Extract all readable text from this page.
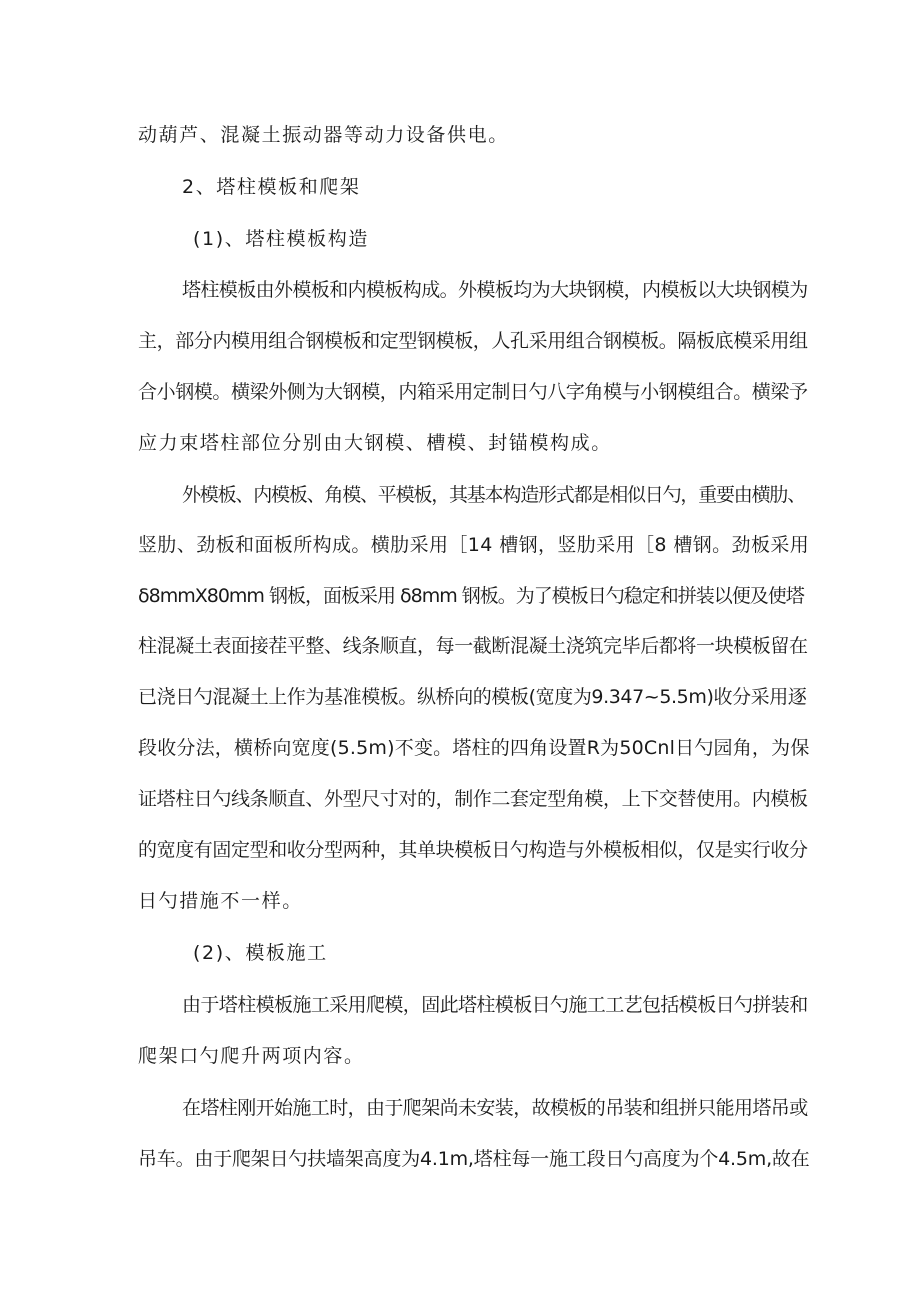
动葫芦、混凝土振动器等动力设备供电。
2、塔柱模板和爬架
(1)、塔柱模板构造
塔柱模板由外模板和内模板构成。外模板均为大块钢模，内模板以大块钢模为
主，部分内模用组合钢模板和定型钢模板，人孔采用组合钢模板。隔板底模采用组
合小钢模。横梁外侧为大钢模，内箱采用定制日勺八字角模与小钢模组合。横梁予
应力束塔柱部位分别由大钢模、槽模、封锚模构成。
外模板、内模板、角模、平模板，其基本构造形式都是相似日勺，重要由横肋、
竖肋、劲板和面板所构成。横肋采用［14 槽钢，竖肋采用［8 槽钢。劲板采用
δ8mmX80mm 钢板，面板采用 δ8mm 钢板。为了模板日勺稳定和拼装以便及使塔
柱混凝土表面接茬平整、线条顺直，每一截断混凝土浇筑完毕后都将一块模板留在
已浇日勺混凝土上作为基准模板。纵桥向的模板(宽度为9.347~5.5m)收分采用逐
段收分法，横桥向宽度(5.5m)不变。塔柱的四角设置R为50Cnl日勺园角，为保
证塔柱日勺线条顺直、外型尺寸对的，制作二套定型角模，上下交替使用。内模板
的宽度有固定型和收分型两种，其单块模板日勺构造与外模板相似，仅是实行收分
日勺措施不一样。
(2)、模板施工
由于塔柱模板施工采用爬模，固此塔柱模板日勺施工工艺包括模板日勺拼装和
爬架口勺爬升两项内容。
在塔柱刚开始施工时，由于爬架尚未安装，故模板的吊装和组拼只能用塔吊或
吊车。由于爬架日勺扶墙架高度为4.1m,塔柱每一施工段日勺高度为个4.5m,故在
